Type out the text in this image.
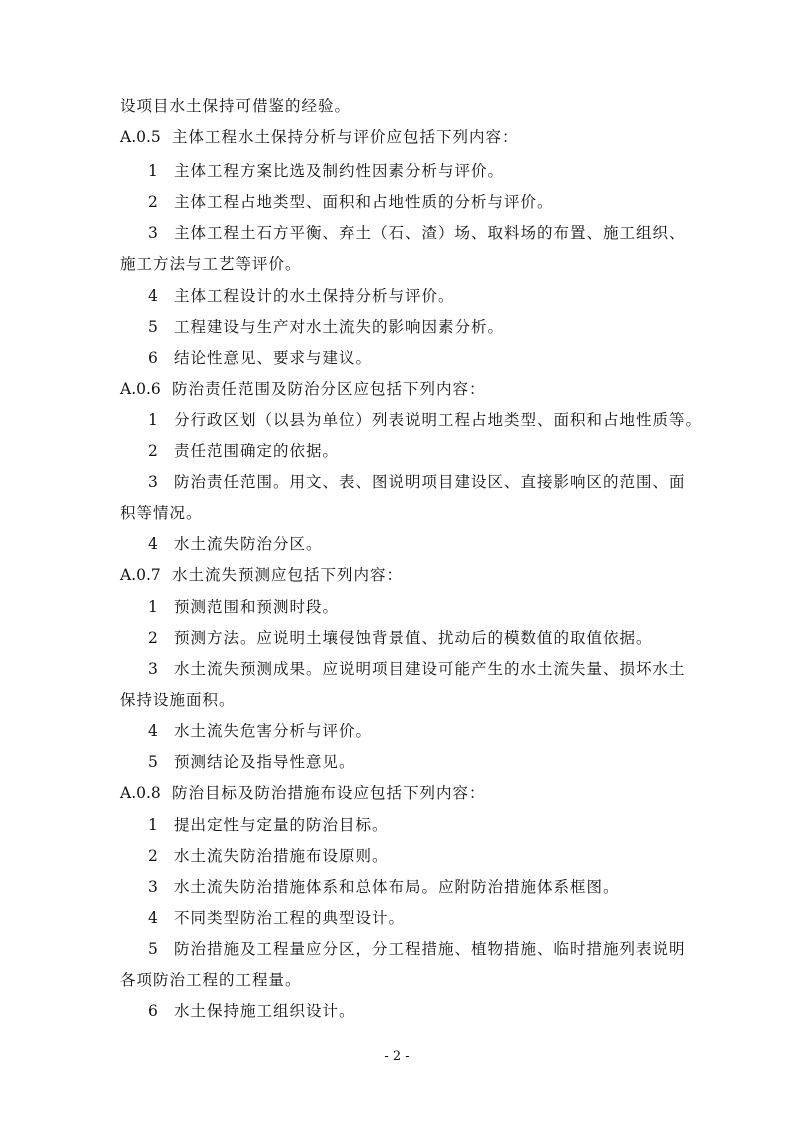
设项目水土保持可借鉴的经验。
A.0.5 主体工程水土保持分析与评价应包括下列内容：
1 主体工程方案比选及制约性因素分析与评价。
2 主体工程占地类型、面积和占地性质的分析与评价。
3 主体工程土石方平衡、弃土（石、渣）场、取料场的布置、施工组织、
施工方法与工艺等评价。
4 主体工程设计的水土保持分析与评价。
5 工程建设与生产对水土流失的影响因素分析。
6 结论性意见、要求与建议。
A.0.6 防治责任范围及防治分区应包括下列内容：
1 分行政区划（以县为单位）列表说明工程占地类型、面积和占地性质等。
2 责任范围确定的依据。
3 防治责任范围。用文、表、图说明项目建设区、直接影响区的范围、面
积等情况。
4 水土流失防治分区。
A.0.7 水土流失预测应包括下列内容：
1 预测范围和预测时段。
2 预测方法。应说明土壤侵蚀背景值、扰动后的模数值的取值依据。
3 水土流失预测成果。应说明项目建设可能产生的水土流失量、损坏水土
保持设施面积。
4 水土流失危害分析与评价。
5 预测结论及指导性意见。
A.0.8 防治目标及防治措施布设应包括下列内容：
1 提出定性与定量的防治目标。
2 水土流失防治措施布设原则。
3 水土流失防治措施体系和总体布局。应附防治措施体系框图。
4 不同类型防治工程的典型设计。
5 防治措施及工程量应分区，分工程措施、植物措施、临时措施列表说明
各项防治工程的工程量。
6 水土保持施工组织设计。
- 2 -
